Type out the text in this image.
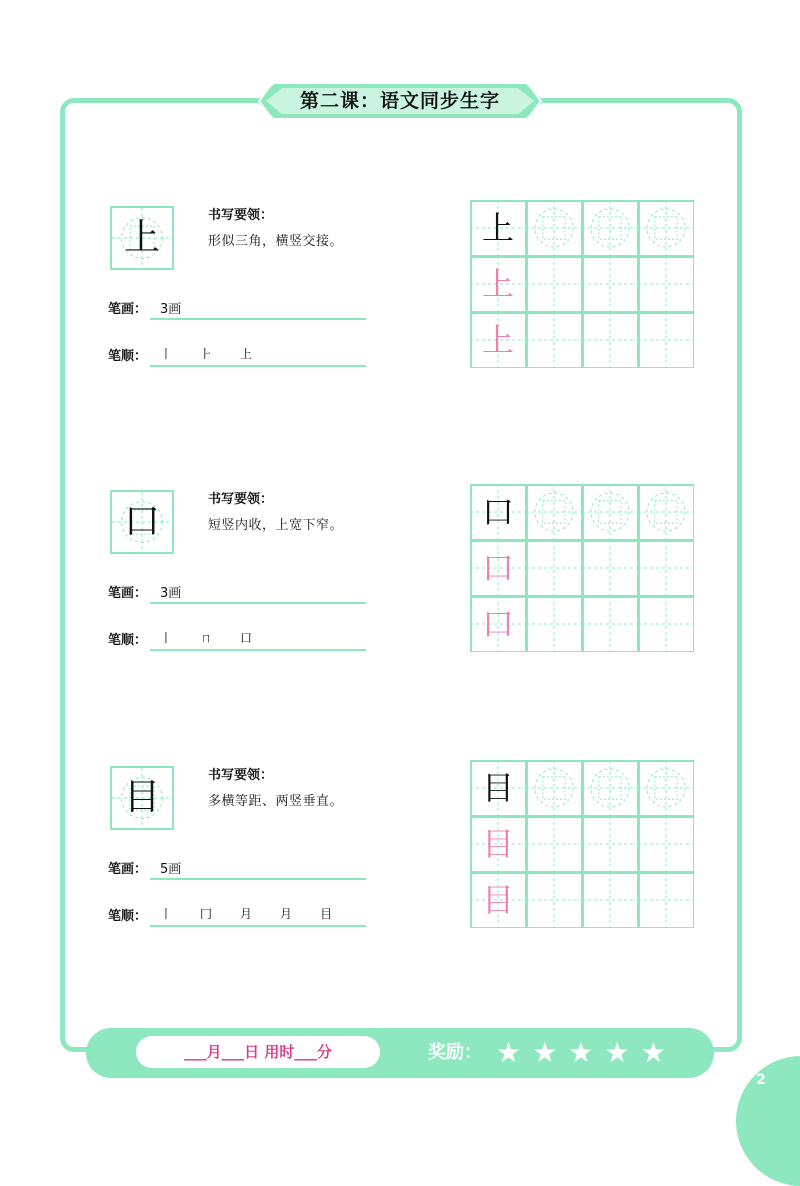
第二课：语文同步生字
上
书写要领：
形似三角，横竖交接。
笔画： 3画
笔顺： 丨 ⺊ 上
上
上
上
口
书写要领：
短竖内收，上宽下窄。
笔画： 3画
笔顺： 丨 ㄇ 口
口
口
口
目
书写要领：
多横等距、两竖垂直。
笔画： 5画
笔顺： 丨 冂 月 月 目
目
目
目
___月___日 用时___分	奖励： ★ ★ ★ ★ ★
2
